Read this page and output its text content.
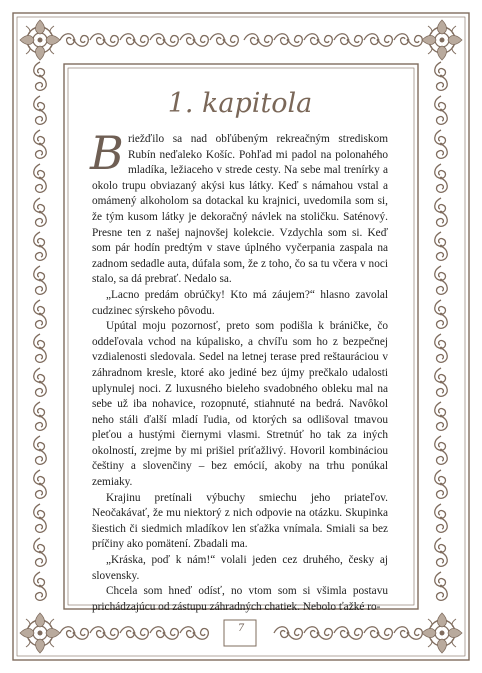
1. kapitola

Briežďilo sa nad obľúbeným rekreačným strediskom Rubín neďaleko Košíc. Pohľad mi padol na polonahého mladíka, ležiaceho v strede cesty. Na sebe mal trenírky a okolo trupu obviazaný akýsi kus látky. Keď s námahou vstal a omámený alkoholom sa dotackal ku krajnici, uvedomila som si, že tým kusom látky je dekoračný návlek na stoličku. Saténový. Presne ten z našej najnovšej kolekcie. Vzdychla som si. Keď som pár hodín predtým v stave úplného vyčerpania zaspala na zadnom sedadle auta, dúfala som, že z toho, čo sa tu včera v noci stalo, sa dá prebrať. Nedalo sa.

„Lacno predám obrúčky! Kto má záujem?“ hlasno zavolal cudzinec sýrskeho pôvodu.

Upútal moju pozornosť, preto som podišla k bráničke, čo oddeľovala vchod na kúpalisko, a chvíľu som ho z bezpečnej vzdialenosti sledovala. Sedel na letnej terase pred reštauráciou v záhradnom kresle, ktoré ako jediné bez újmy prečkalo udalosti uplynulej noci. Z luxusného bieleho svadobného obleku mal na sebe už iba nohavice, rozopnuté, stiahnuté na bedrá. Navôkol neho stáli ďalší mladí ľudia, od ktorých sa odlišoval tmavou pleťou a hustými čiernymi vlasmi. Stretnúť ho tak za iných okolností, zrejme by mi prišiel príťažlivý. Hovoril kombináciou češtiny a slovenčiny – bez emócií, akoby na trhu ponúkal zemiaky.

Krajinu pretínali výbuchy smiechu jeho priateľov. Neočakávať, že mu niektorý z nich odpovie na otázku. Skupinka šiestich či siedmich mladíkov len sťažka vnímala. Smiali sa bez príčiny ako pomätení. Zbadali ma.

„Kráska, poď k nám!“ volali jeden cez druhého, česky aj slovensky.

Chcela som hneď odísť, no vtom som si všimla postavu prichádzajúcu od zástupu záhradných chatiek. Nebolo ťažké ro-

7
